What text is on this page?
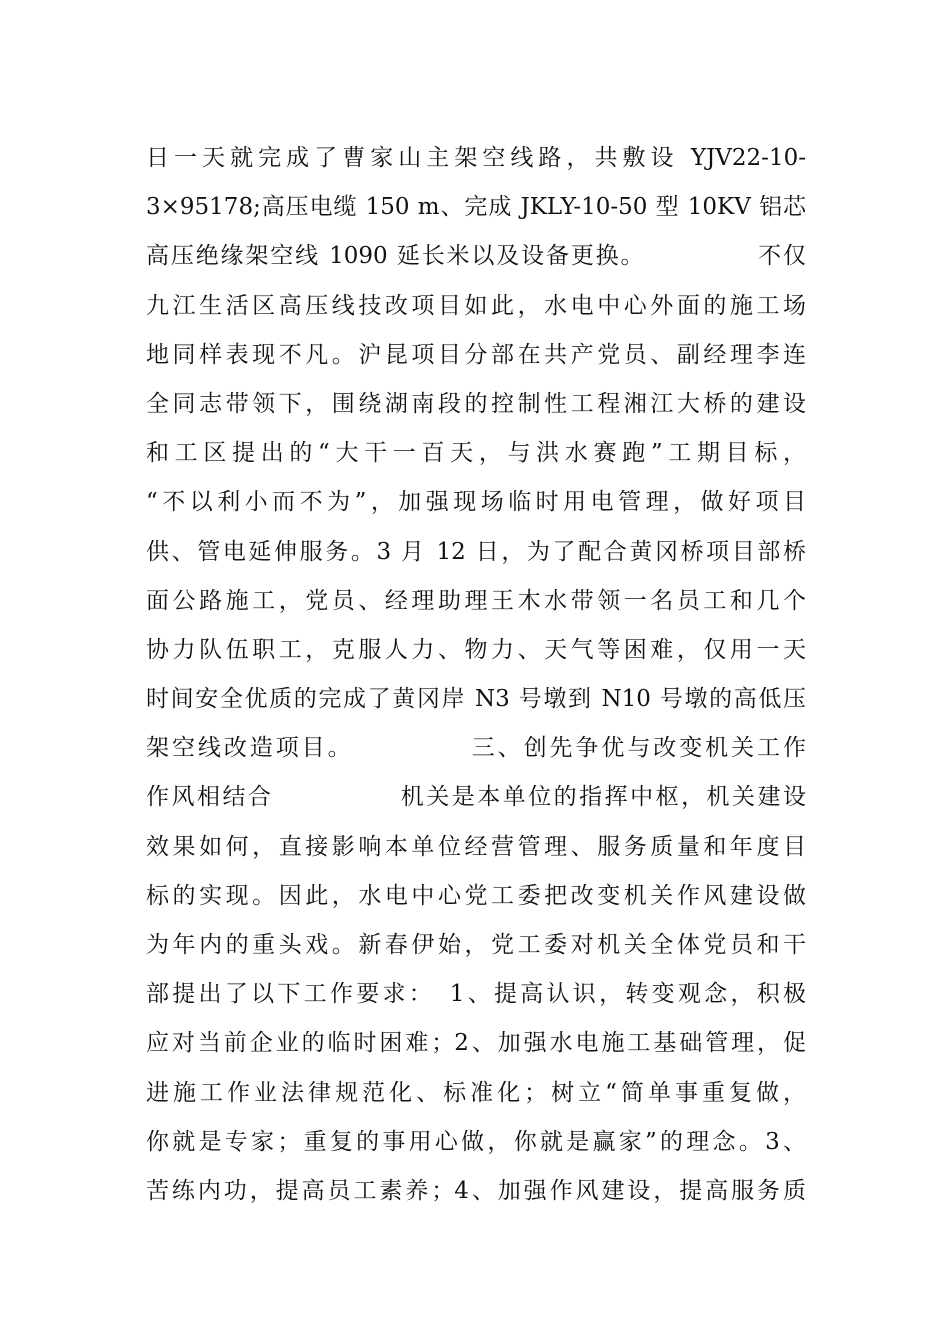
日一天就完成了曹家山主架空线路，共敷设 YJV22-10-
3×95178;高压电缆 150 m、完成 JKLY-10-50 型 10KV 铝芯
高压绝缘架空线 1090 延长米以及设备更换。　　　　　不仅
九江生活区高压线技改项目如此，水电中心外面的施工场
地同样表现不凡。沪昆项目分部在共产党员、副经理李连
全同志带领下，围绕湖南段的控制性工程湘江大桥的建设
和工区提出的“大干一百天，与洪水赛跑”工期目标，
“不以利小而不为”，加强现场临时用电管理，做好项目
供、管电延伸服务。3 月 12 日，为了配合黄冈桥项目部桥
面公路施工，党员、经理助理王木水带领一名员工和几个
协力队伍职工，克服人力、物力、天气等困难，仅用一天
时间安全优质的完成了黄冈岸 N3 号墩到 N10 号墩的高低压
架空线改造项目。　　　　　三、创先争优与改变机关工作
作风相结合　　　　　机关是本单位的指挥中枢，机关建设
效果如何，直接影响本单位经营管理、服务质量和年度目
标的实现。因此，水电中心党工委把改变机关作风建设做
为年内的重头戏。新春伊始，党工委对机关全体党员和干
部提出了以下工作要求：　1、提高认识，转变观念，积极
应对当前企业的临时困难；2、加强水电施工基础管理，促
进施工作业法律规范化、标准化；树立“简单事重复做，
你就是专家；重复的事用心做，你就是赢家”的理念。3、
苦练内功，提高员工素养；4、加强作风建设，提高服务质
